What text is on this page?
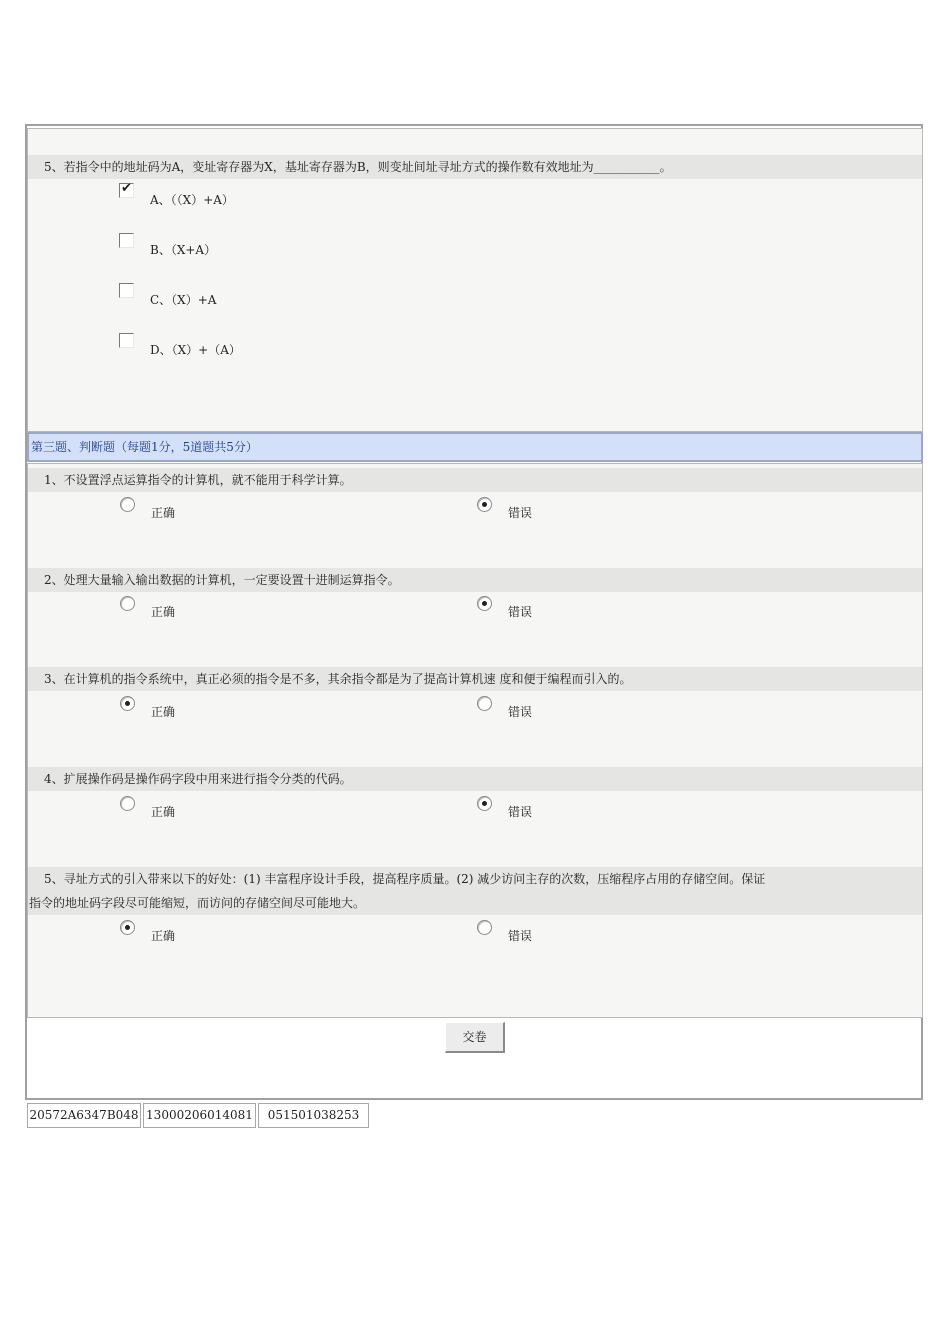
5、若指令中的地址码为A，变址寄存器为X，基址寄存器为B，则变址间址寻址方式的操作数有效地址为___________。
✔
A、（（X）+A）
B、（X+A）
C、（X）+A
D、（X）+（A）
第三题、判断题（每题1分，5道题共5分）
1、不设置浮点运算指令的计算机，就不能用于科学计算。
正确	错误
2、处理大量输入输出数据的计算机，一定要设置十进制运算指令。
正确	错误
3、在计算机的指令系统中，真正必须的指令是不多，其余指令都是为了提高计算机速 度和便于编程而引入的。
正确	错误
4、扩展操作码是操作码字段中用来进行指令分类的代码。
正确	错误
5、寻址方式的引入带来以下的好处：(1) 丰富程序设计手段，提高程序质量。(2) 减少访问主存的次数，压缩程序占用的存储空间。保证
指令的地址码字段尽可能缩短，而访问的存储空间尽可能地大。
正确	错误
交卷
20572A6347B048 13000206014081	051501038253
